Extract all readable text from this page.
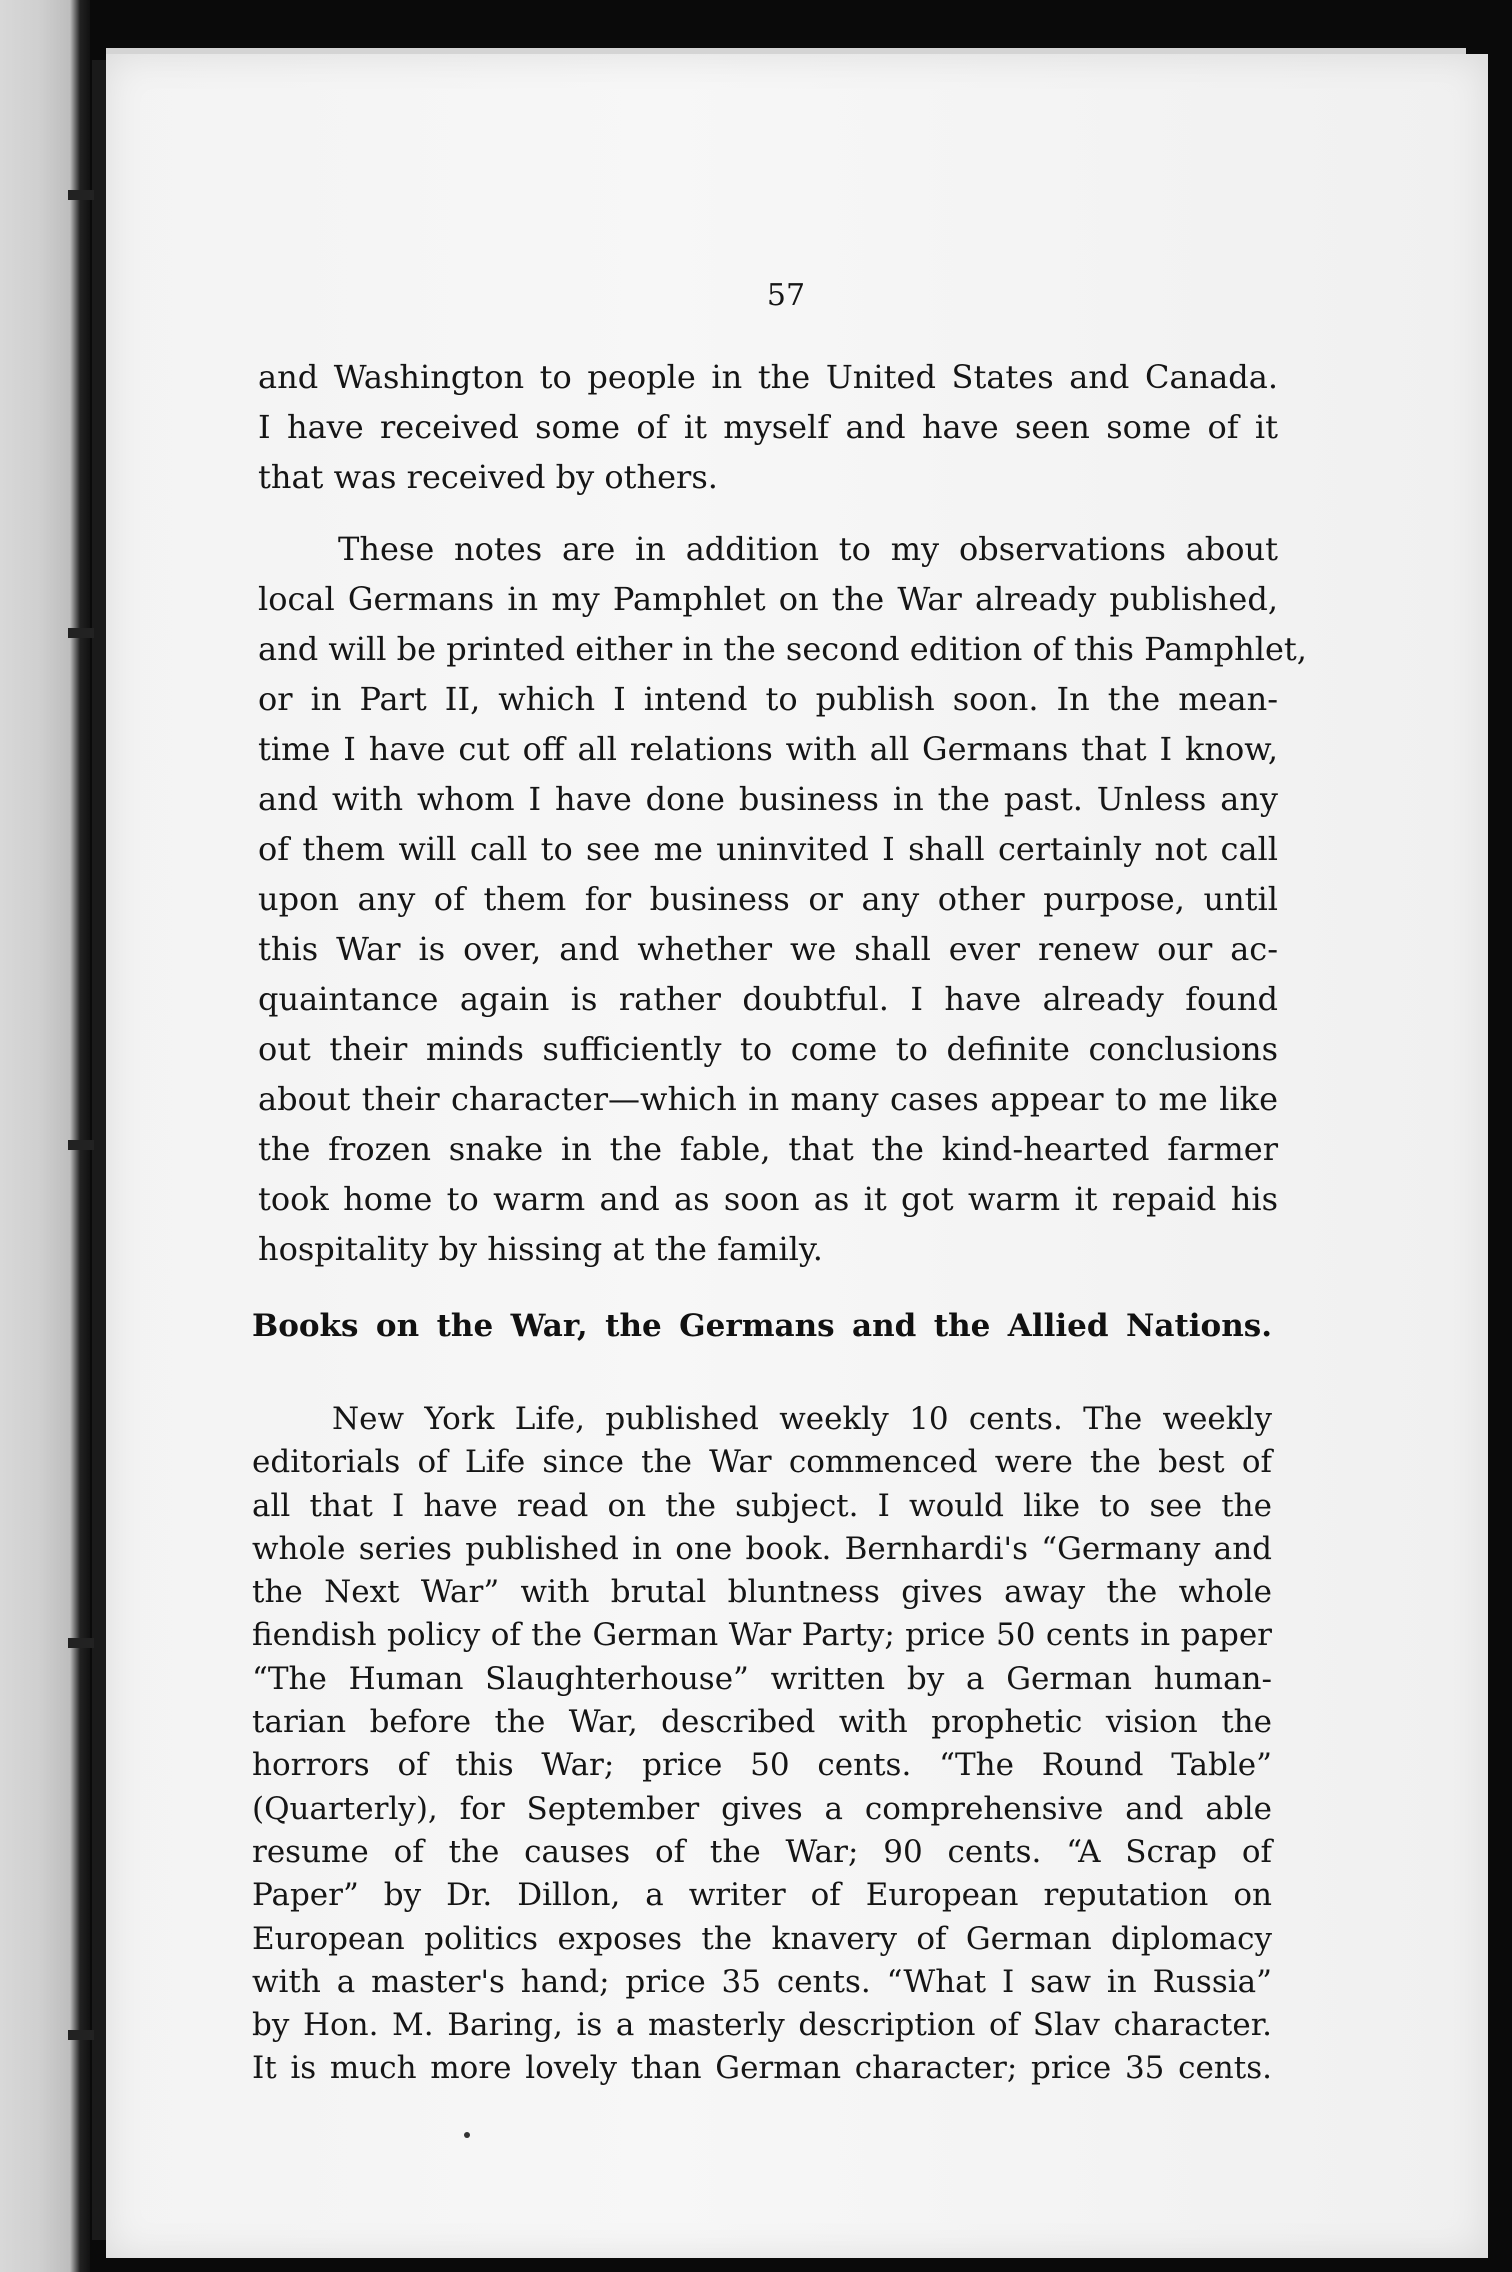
57
and Washington to people in the United States and Canada.
I have received some of it myself and have seen some of it
that was received by others.
These notes are in addition to my observations about
local Germans in my Pamphlet on the War already published,
and will be printed either in the second edition of this Pamphlet,
or in Part II, which I intend to publish soon. In the mean-
time I have cut off all relations with all Germans that I know,
and with whom I have done business in the past. Unless any
of them will call to see me uninvited I shall certainly not call
upon any of them for business or any other purpose, until
this War is over, and whether we shall ever renew our ac-
quaintance again is rather doubtful. I have already found
out their minds sufficiently to come to definite conclusions
about their character—which in many cases appear to me like
the frozen snake in the fable, that the kind-hearted farmer
took home to warm and as soon as it got warm it repaid his
hospitality by hissing at the family.
Books on the War, the Germans and the Allied Nations.
New York Life, published weekly 10 cents. The weekly
editorials of Life since the War commenced were the best of
all that I have read on the subject. I would like to see the
whole series published in one book. Bernhardi's “Germany and
the Next War” with brutal bluntness gives away the whole
fiendish policy of the German War Party; price 50 cents in paper
“The Human Slaughterhouse” written by a German human-
tarian before the War, described with prophetic vision the
horrors of this War; price 50 cents. “The Round Table”
(Quarterly), for September gives a comprehensive and able
resume of the causes of the War; 90 cents. “A Scrap of
Paper” by Dr. Dillon, a writer of European reputation on
European politics exposes the knavery of German diplomacy
with a master's hand; price 35 cents. “What I saw in Russia”
by Hon. M. Baring, is a masterly description of Slav character.
It is much more lovely than German character; price 35 cents.
